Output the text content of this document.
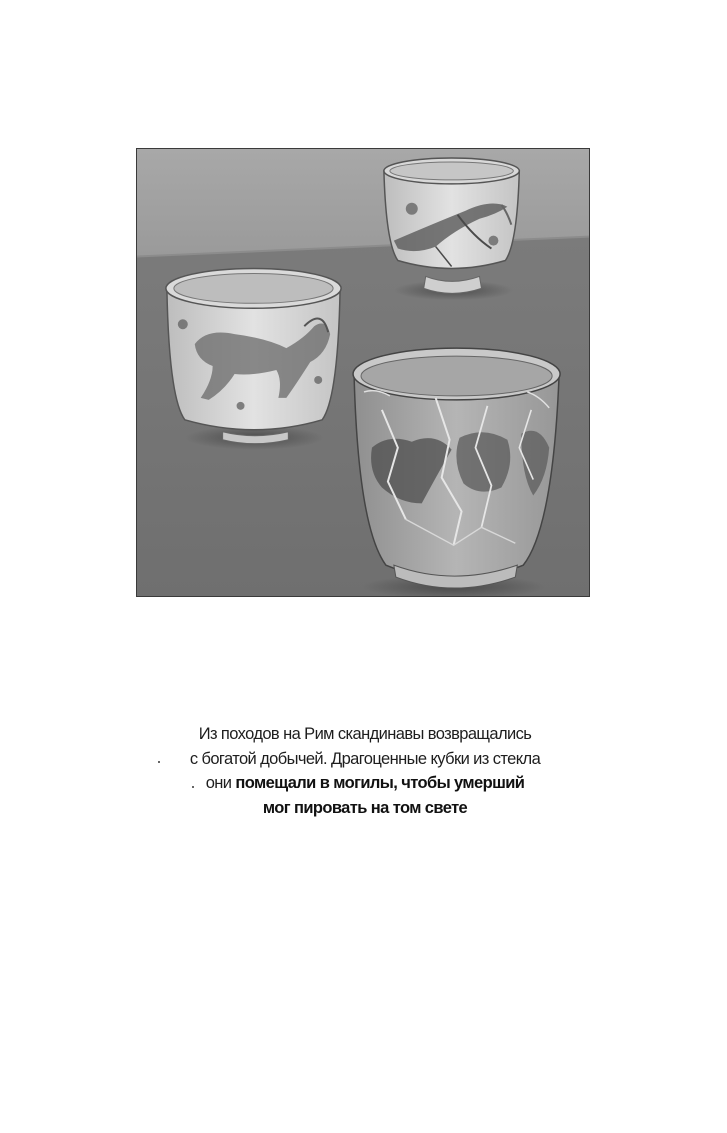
Из походов на Рим скандинавы возвращались
с богатой добычей. Драгоценные кубки из стекла
они помещали в могилы, чтобы умерший
мог пировать на том свете
